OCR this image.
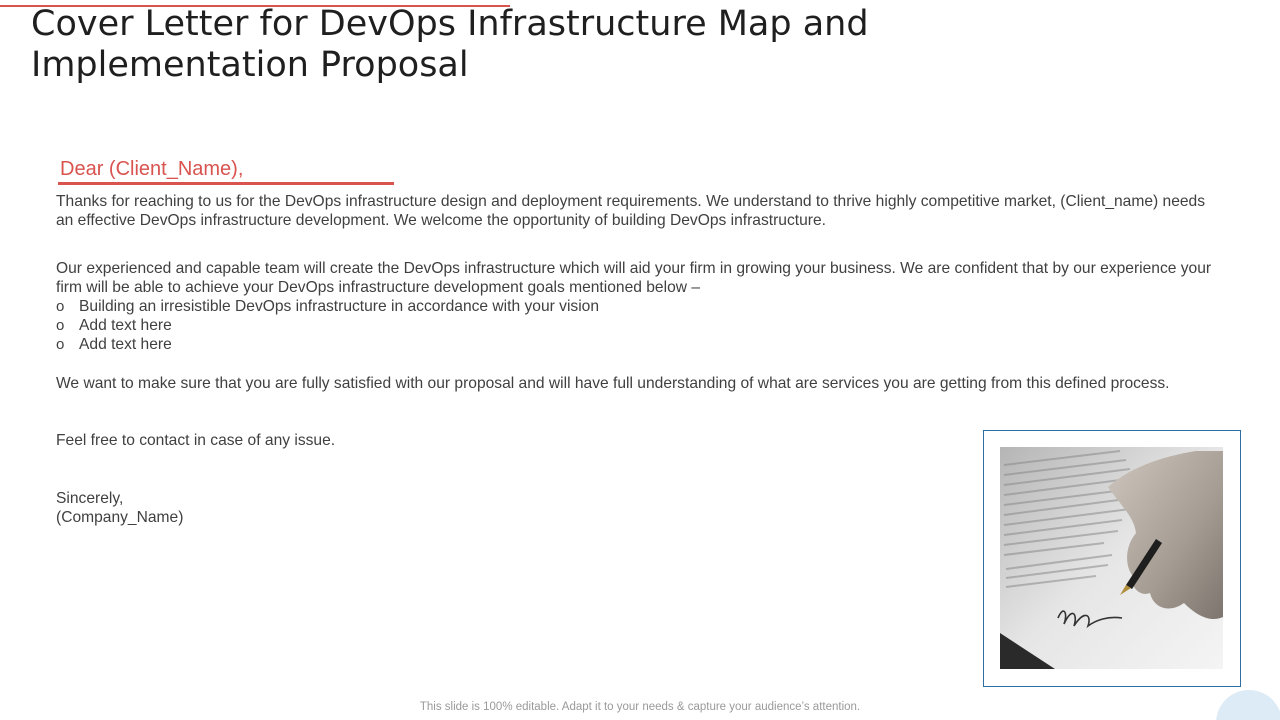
Cover Letter for DevOps Infrastructure Map and Implementation Proposal
Dear (Client_Name),

Thanks for reaching to us for the DevOps infrastructure design and deployment requirements. We understand to thrive highly competitive market, (Client_name) needs an effective DevOps infrastructure development. We welcome the opportunity of building DevOps infrastructure.

Our experienced and capable team will create the DevOps infrastructure which will aid your firm in growing your business. We are confident that by our experience your firm will be able to achieve your DevOps infrastructure development goals mentioned below –

o Building an irresistible DevOps infrastructure in accordance with your vision
o Add text here
o Add text here

We want to make sure that you are fully satisfied with our proposal and will have full understanding of what are services you are getting from this defined process.

Feel free to contact in case of any issue.

Sincerely,
(Company_Name)

This slide is 100% editable. Adapt it to your needs & capture your audience’s attention.
